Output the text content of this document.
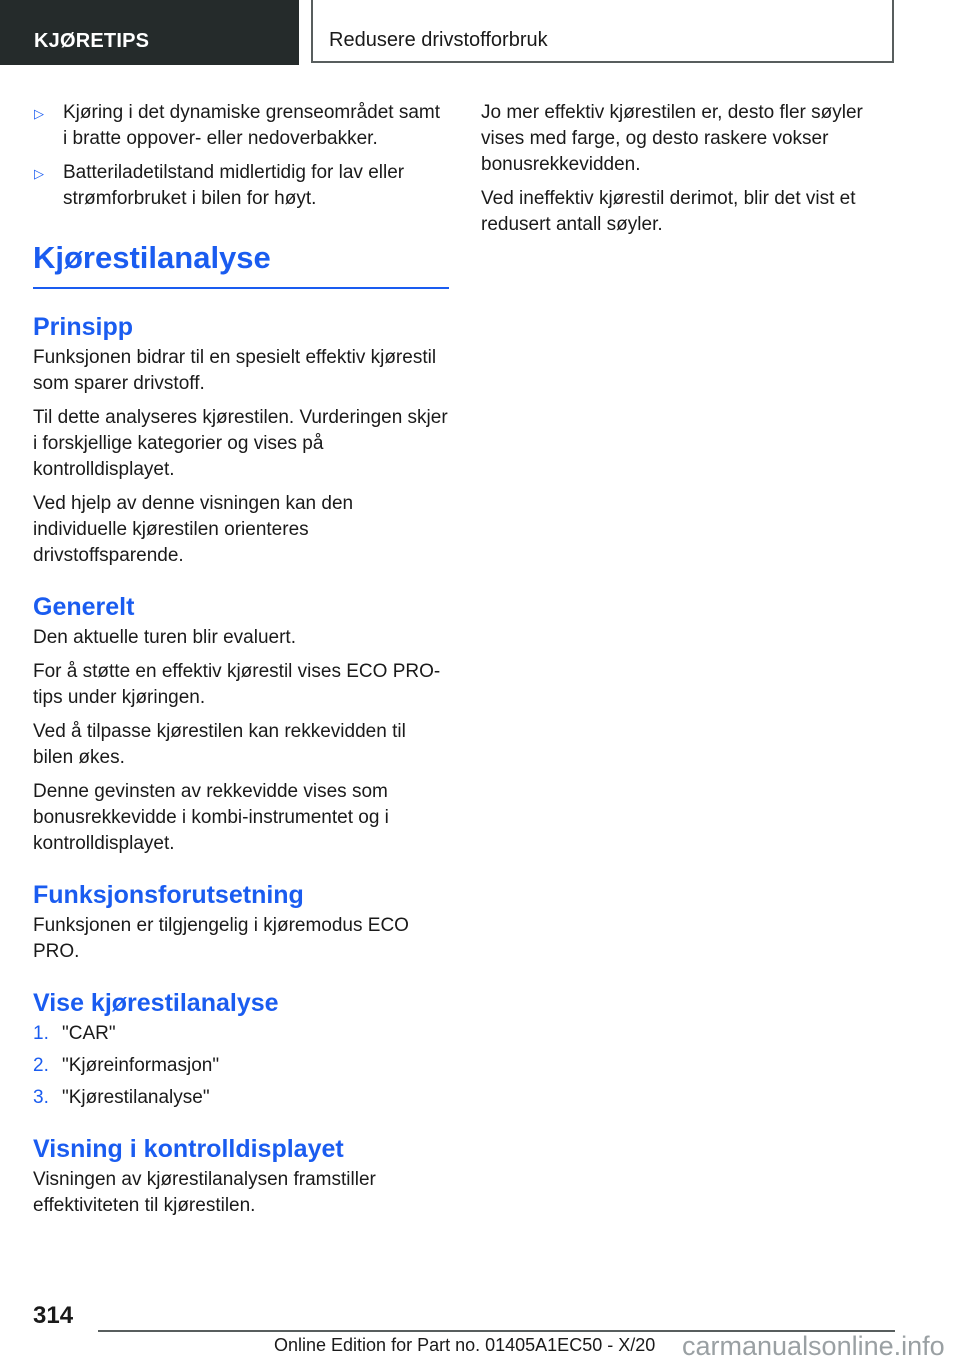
KJØRETIPS	Redusere drivstofforbruk
▷	Kjøring i det dynamiske grenseområdet samt i bratte oppover- eller nedoverbakker.
▷	Batteriladetilstand midlertidig for lav eller strømforbruket i bilen for høyt.
Kjørestilanalyse
Prinsipp

Funksjonen bidrar til en spesielt effektiv kjørestil som sparer drivstoff.

Til dette analyseres kjørestilen. Vurderingen skjer i forskjellige kategorier og vises på kontrolldisplayet.

Ved hjelp av denne visningen kan den individuelle kjørestilen orienteres drivstoffsparende.

Generelt

Den aktuelle turen blir evaluert.

For å støtte en effektiv kjørestil vises ECO PRO-tips under kjøringen.

Ved å tilpasse kjørestilen kan rekkevidden til bilen økes.

Denne gevinsten av rekkevidde vises som bonusrekkevidde i kombi-instrumentet og i kontrolldisplayet.

Funksjonsforutsetning

Funksjonen er tilgjengelig i kjøremodus ECO PRO.

Vise kjørestilanalyse
1. "CAR"
2. "Kjøreinformasjon"
3. "Kjørestilanalyse"
Visning i kontrolldisplayet

Visningen av kjørestilanalysen framstiller effektiviteten til kjørestilen.

Jo mer effektiv kjørestilen er, desto fler søyler vises med farge, og desto raskere vokser bonusrekkevidden.

Ved ineffektiv kjørestil derimot, blir det vist et redusert antall søyler.

314
Online Edition for Part no. 01405A1EC50 - X/20 carmanualsonline.info
